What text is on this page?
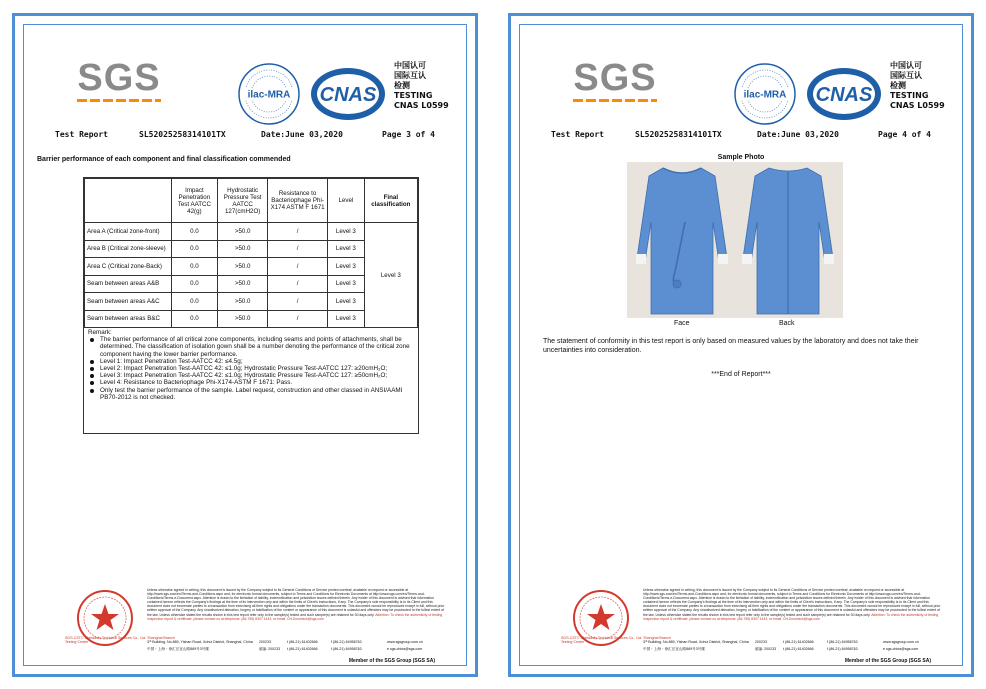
SGS	ilac-MRA CNAS
中国认可
国际互认
检测
TESTING
CNAS L0599
Test Report	SL52025258314101TX	Date:June 03,2020	Page 3 of 4
Barrier performance of each component and final classification commended
	Impact Penetration Test AATCC 42(g)	Hydrostatic Pressure Test AATCC 127(cmH2O)	Resistance to Bacteriophage Phi-X174 ASTM F 1671	Level	Final classification
Area A (Critical zone-front)	0.0	>50.0	/	Level 3	Level 3
Area B (Critical zone-sleeve)	0.0	>50.0	/	Level 3	
Area C (Critical zone-Back)	0.0	>50.0	/	Level 3	
Seam between areas A&B	0.0	>50.0	/	Level 3	
Seam between areas A&C	0.0	>50.0	/	Level 3	
Seam between areas B&C	0.0	>50.0	/	Level 3	
Remark:
The barrier performance of all critical zone components, including seams and points of attachments, shall be determined. The classification of isolation gown shall be a number denoting the performance of the critical zone component having the lower barrier performance.
Level 1: Impact Penetration Test-AATCC 42: ≤4.5g;
Level 2: Impact Penetration Test-AATCC 42: ≤1.0g; Hydrostatic Pressure Test-AATCC 127: ≥20cmH₂O;
Level 3: Impact Penetration Test-AATCC 42: ≤1.0g; Hydrostatic Pressure Test-AATCC 127: ≥50cmH₂O;
Level 4: Resistance to Bacteriophage Phi-X174-ASTM F 1671: Pass.
Only test the barrier performance of the sample. Label request, construction and other classed in ANSI/AAMI PB70-2012 is not checked.
SGS-CSTC Standards Technical Services Co., Ltd. Shanghai Branch
Testing Center
Unless otherwise agreed in writing, this document is issued by the Company subject to its General Conditions of Service printed overleaf, available on request or accessible at http://www.sgs.com/en/Terms-and-Conditions.aspx and, for electronic format documents, subject to Terms and Conditions for Electronic Documents at http://www.sgs.com/en/Terms-and-Conditions/Terms-e-Document.aspx. Attention is drawn to the limitation of liability, indemnification and jurisdiction issues defined therein. Any holder of this document is advised that information contained hereon reflects the Company's findings at the time of its intervention only and within the limits of Client's instructions, if any. The Company's sole responsibility is to its Client and this document does not exonerate parties to a transaction from exercising all their rights and obligations under the transaction documents. This document cannot be reproduced except in full, without prior written approval of the Company. Any unauthorized alteration, forgery or falsification of the content or appearance of this document is unlawful and offenders may be prosecuted to the fullest extent of the law. Unless otherwise stated the results shown in this test report refer only to the sample(s) tested and such sample(s) are retained for 30 days only. Attention: To check the authenticity of testing /inspection report & certificate, please contact us at telephone: (86-755) 8307 1443, or email: CN.Doccheck@sgs.com
3ʳᵈ Building, No.889, Yishan Road, Xuhui District, Shanghai, China 200233	t (86-21) 61402666	f (86-21) 64958763	www.sgsgroup.com.cn
中国・上海・徐汇区宜山路889号3号楼	邮编: 200233 t (86-21) 61402666	f (86-21) 64958763	e sgs.china@sgs.com
Member of the SGS Group (SGS SA)
SGS	ilac-MRA CNAS
中国认可
国际互认
检测
TESTING
CNAS L0599
Test Report	SL52025258314101TX	Date:June 03,2020	Page 4 of 4
Sample Photo
Face	Back
The statement of conformity in this test report is only based on measured values by the laboratory and does not take their uncertainties into consideration.
***End of Report***
SGS-CSTC Standards Technical Services Co., Ltd. Shanghai Branch
Testing Center
Unless otherwise agreed in writing, this document is issued by the Company subject to its General Conditions of Service printed overleaf, available on request or accessible at http://www.sgs.com/en/Terms-and-Conditions.aspx and, for electronic format documents, subject to Terms and Conditions for Electronic Documents at http://www.sgs.com/en/Terms-and-Conditions/Terms-e-Document.aspx. Attention is drawn to the limitation of liability, indemnification and jurisdiction issues defined therein. Any holder of this document is advised that information contained hereon reflects the Company's findings at the time of its intervention only and within the limits of Client's instructions, if any. The Company's sole responsibility is to its Client and this document does not exonerate parties to a transaction from exercising all their rights and obligations under the transaction documents. This document cannot be reproduced except in full, without prior written approval of the Company. Any unauthorized alteration, forgery or falsification of the content or appearance of this document is unlawful and offenders may be prosecuted to the fullest extent of the law. Unless otherwise stated the results shown in this test report refer only to the sample(s) tested and such sample(s) are retained for 30 days only. Attention: To check the authenticity of testing /inspection report & certificate, please contact us at telephone: (86-755) 8307 1443, or email: CN.Doccheck@sgs.com
3ʳᵈ Building, No.889, Yishan Road, Xuhui District, Shanghai, China 200233	t (86-21) 61402666	f (86-21) 64958763	www.sgsgroup.com.cn
中国・上海・徐汇区宜山路889号3号楼	邮编: 200233 t (86-21) 61402666	f (86-21) 64958763	e sgs.china@sgs.com
Member of the SGS Group (SGS SA)
